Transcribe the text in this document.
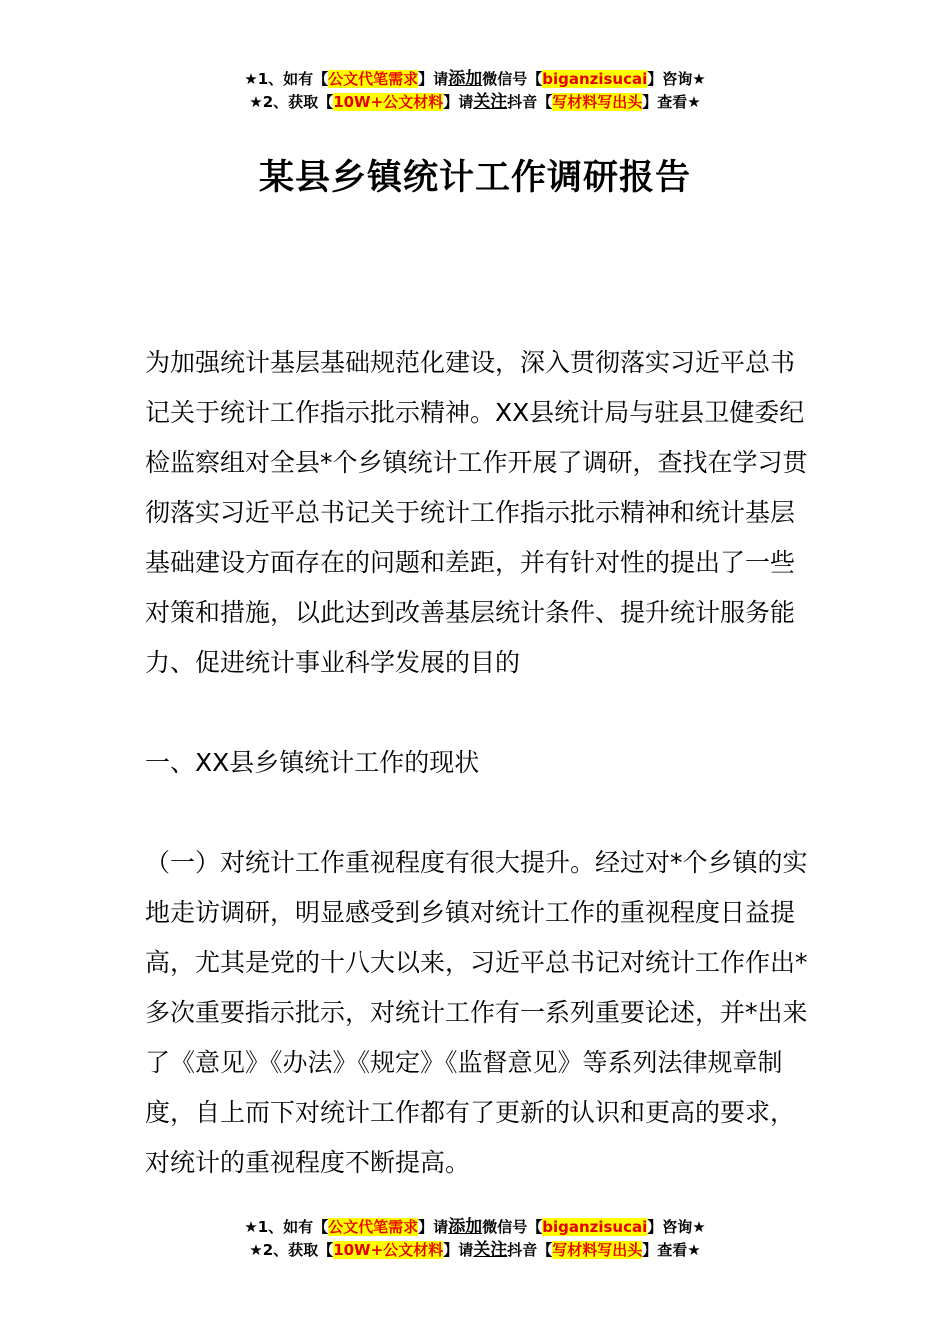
★1、如有【公文代笔需求】请添加微信号【biganzisucai】咨询★
★2、获取【10W+公文材料】请关注抖音【写材料写出头】查看★
某县乡镇统计工作调研报告

为加强统计基层基础规范化建设，深入贯彻落实习近平总书记关于统计工作指示批示精神。XX县统计局与驻县卫健委纪检监察组对全县*个乡镇统计工作开展了调研，查找在学习贯彻落实习近平总书记关于统计工作指示批示精神和统计基层基础建设方面存在的问题和差距，并有针对性的提出了一些对策和措施，以此达到改善基层统计条件、提升统计服务能力、促进统计事业科学发展的目的

一、XX县乡镇统计工作的现状

（一）对统计工作重视程度有很大提升。经过对*个乡镇的实地走访调研，明显感受到乡镇对统计工作的重视程度日益提高，尤其是党的十八大以来，习近平总书记对统计工作作出*多次重要指示批示，对统计工作有一系列重要论述，并*出来了《意见》《办法》《规定》《监督意见》等系列法律规章制度，自上而下对统计工作都有了更新的认识和更高的要求，对统计的重视程度不断提高。

★1、如有【公文代笔需求】请添加微信号【biganzisucai】咨询★
★2、获取【10W+公文材料】请关注抖音【写材料写出头】查看★
